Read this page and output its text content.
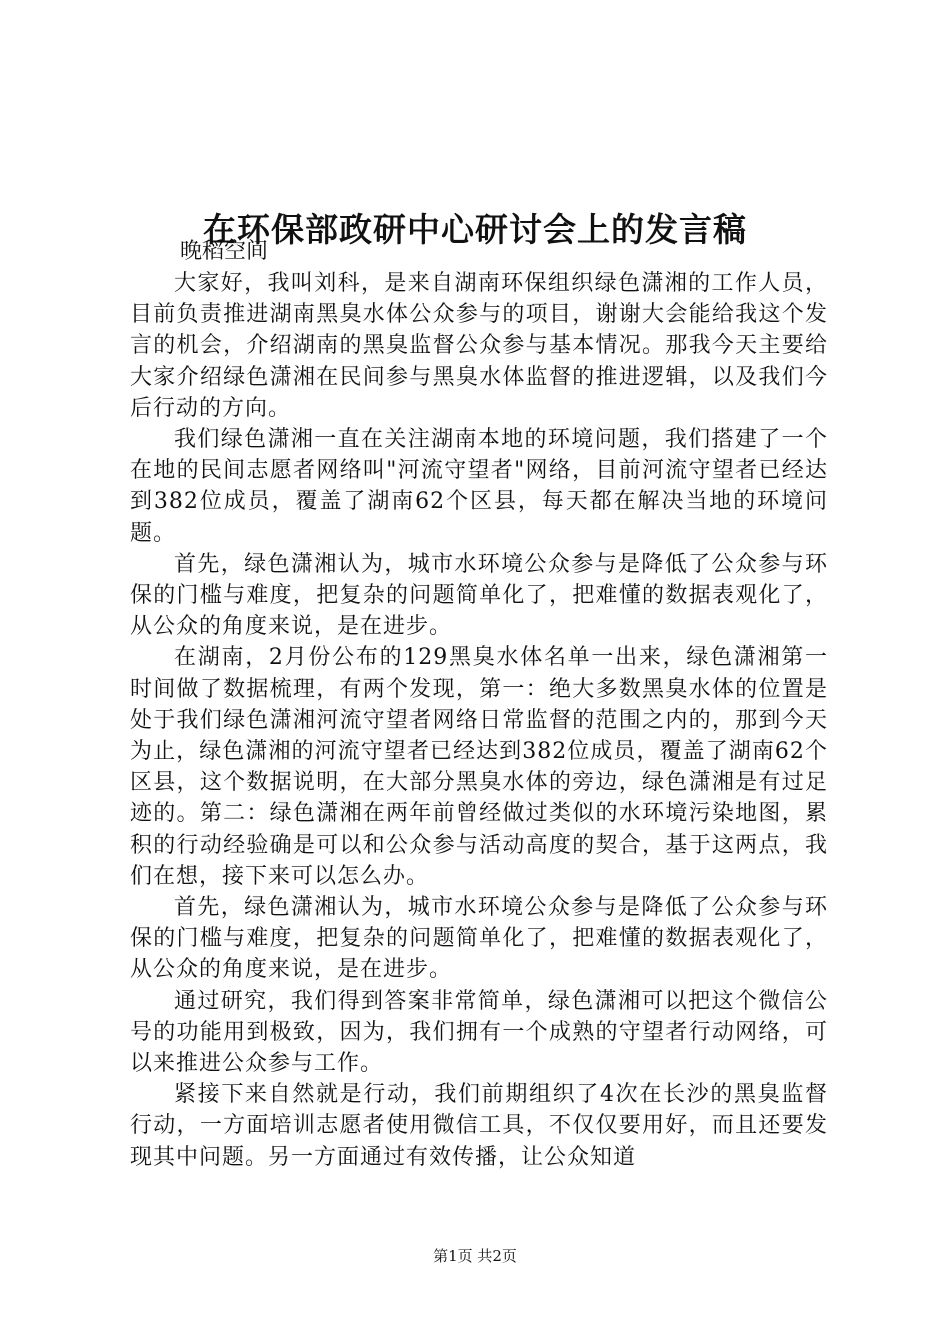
在环保部政研中心研讨会上的发言稿
晚稻空间

大家好，我叫刘科，是来自湖南环保组织绿色潇湘的工作人员，目前负责推进湖南黑臭水体公众参与的项目，谢谢大会能给我这个发言的机会，介绍湖南的黑臭监督公众参与基本情况。那我今天主要给大家介绍绿色潇湘在民间参与黑臭水体监督的推进逻辑，以及我们今后行动的方向。

我们绿色潇湘一直在关注湖南本地的环境问题，我们搭建了一个在地的民间志愿者网络叫"河流守望者"网络，目前河流守望者已经达到382位成员，覆盖了湖南62个区县，每天都在解决当地的环境问题。

首先，绿色潇湘认为，城市水环境公众参与是降低了公众参与环保的门槛与难度，把复杂的问题简单化了，把难懂的数据表观化了，从公众的角度来说，是在进步。

在湖南，2月份公布的129黑臭水体名单一出来，绿色潇湘第一时间做了数据梳理，有两个发现，第一：绝大多数黑臭水体的位置是处于我们绿色潇湘河流守望者网络日常监督的范围之内的，那到今天为止，绿色潇湘的河流守望者已经达到382位成员，覆盖了湖南62个区县，这个数据说明，在大部分黑臭水体的旁边，绿色潇湘是有过足迹的。第二：绿色潇湘在两年前曾经做过类似的水环境污染地图，累积的行动经验确是可以和公众参与活动高度的契合，基于这两点，我们在想，接下来可以怎么办。

首先，绿色潇湘认为，城市水环境公众参与是降低了公众参与环保的门槛与难度，把复杂的问题简单化了，把难懂的数据表观化了，从公众的角度来说，是在进步。

通过研究，我们得到答案非常简单，绿色潇湘可以把这个微信公号的功能用到极致，因为，我们拥有一个成熟的守望者行动网络，可以来推进公众参与工作。

紧接下来自然就是行动，我们前期组织了4次在长沙的黑臭监督行动，一方面培训志愿者使用微信工具，不仅仅要用好，而且还要发现其中问题。另一方面通过有效传播，让公众知道

第1页 共2页
